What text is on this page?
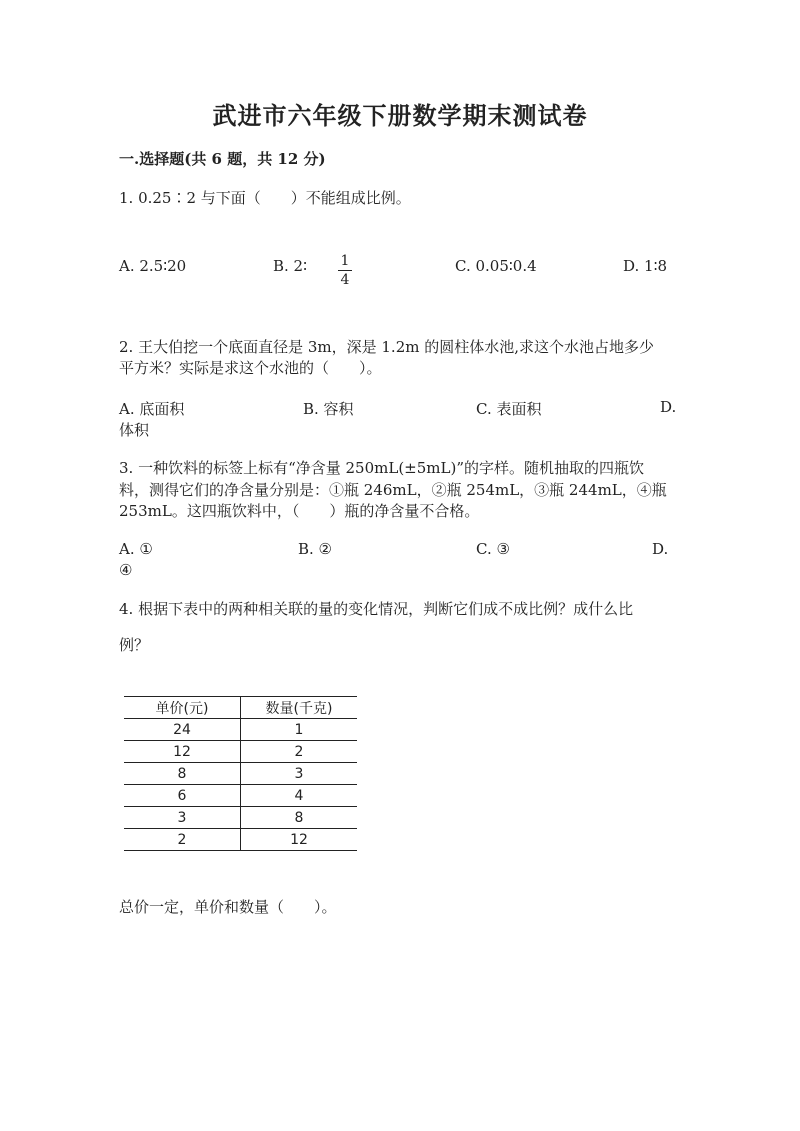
武进市六年级下册数学期末测试卷
一.选择题(共 6 题，共 12 分)
1. 0.25∶2 与下面（　　）不能组成比例。
A. 2.5∶20	B. 2∶ 1
4
C. 0.05∶0.4	D. 1∶8
2. 王大伯挖一个底面直径是 3m，深是 1.2m 的圆柱体水池,求这个水池占地多少
平方米？实际是求这个水池的（　　）。
A. 底面积	B. 容积	C. 表面积	D.
体积
3. 一种饮料的标签上标有“净含量 250mL(±5mL)”的字样。随机抽取的四瓶饮
料，测得它们的净含量分别是：①瓶 246mL，②瓶 254mL，③瓶 244mL，④瓶
253mL。这四瓶饮料中，（　　）瓶的净含量不合格。
A. ①	B. ②	C. ③	D.
④
4. 根据下表中的两种相关联的量的变化情况，判断它们成不成比例？成什么比
例？
单价(元)	数量(千克)
24	1
12	2
8	3
6	4
3	8
2	12
总价一定，单价和数量（　　）。
